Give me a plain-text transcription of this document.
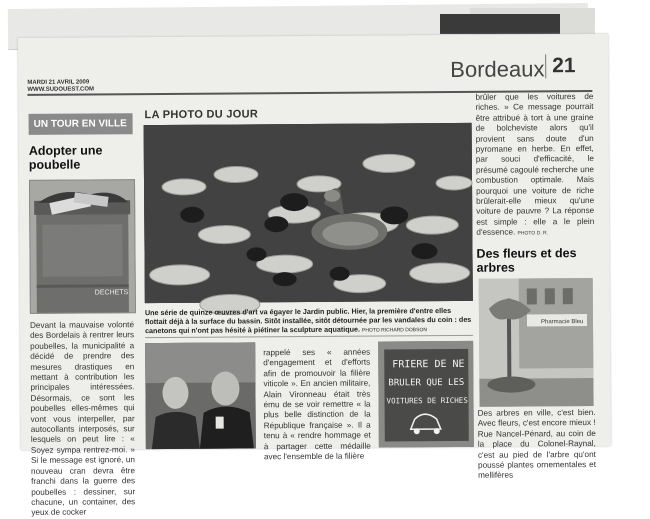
MARDI 21 AVRIL 2009
WWW.SUDOUEST.COM
Bordeaux 21
UN TOUR EN VILLE
Adopter une poubelle
DECHETS
Devant la mauvaise volonté des Bordelais à rentrer leurs poubelles, la municipalité a décidé de prendre des mesures drastiques en mettant à contribution les principales intéressées. Désormais, ce sont les poubelles elles-mêmes qui vont vous interpeller, par autocollants interposés, sur lesquels on peut lire : « Soyez sympa rentrez-moi. » Si le message est ignoré, un nouveau cran devra être franchi dans la guerre des poubelles : dessiner, sur chacune, un container, des yeux de cocker
LA PHOTO DU JOUR
Une série de quinze œuvres d'art va égayer le Jardin public. Hier, la première d'entre elles flottait déjà à la surface du bassin. Sitôt installée, sitôt détournée par les vandales du coin : des canetons qui n'ont pas hésité à piétiner la sculpture aquatique. PHOTO RICHARD DOBSON
rappelé ses « années d'engagement et d'efforts afin de promouvoir la filière viticole ». En ancien militaire, Alain Vironneau était très ému de se voir remettre « la plus belle distinction de la République française ». Il a tenu à « rendre hommage et à partager cette médaille avec l'ensemble de la filière
FRIERE DE NE
BRULER QUE LES
VOITURES DE RICHES
brûler que les voitures de riches. » Ce message pourrait être attribué à tort à une graine de bolcheviste alors qu'il provient sans doute d'un pyromane en herbe. En effet, par souci d'efficacité, le présumé cagoulé recherche une combustion optimale. Mais pourquoi une voiture de riche brûlerait-elle mieux qu'une voiture de pauvre ? La réponse est simple : elle a le plein d'essence. PHOTO D. R.
Des fleurs et des arbres
Pharmacie Bleu
Des arbres en ville, c'est bien. Avec fleurs, c'est encore mieux ! Rue Nancel-Pénard, au coin de la place du Colonel-Raynal, c'est au pied de l'arbre qu'ont poussé plantes ornementales et mellifères
